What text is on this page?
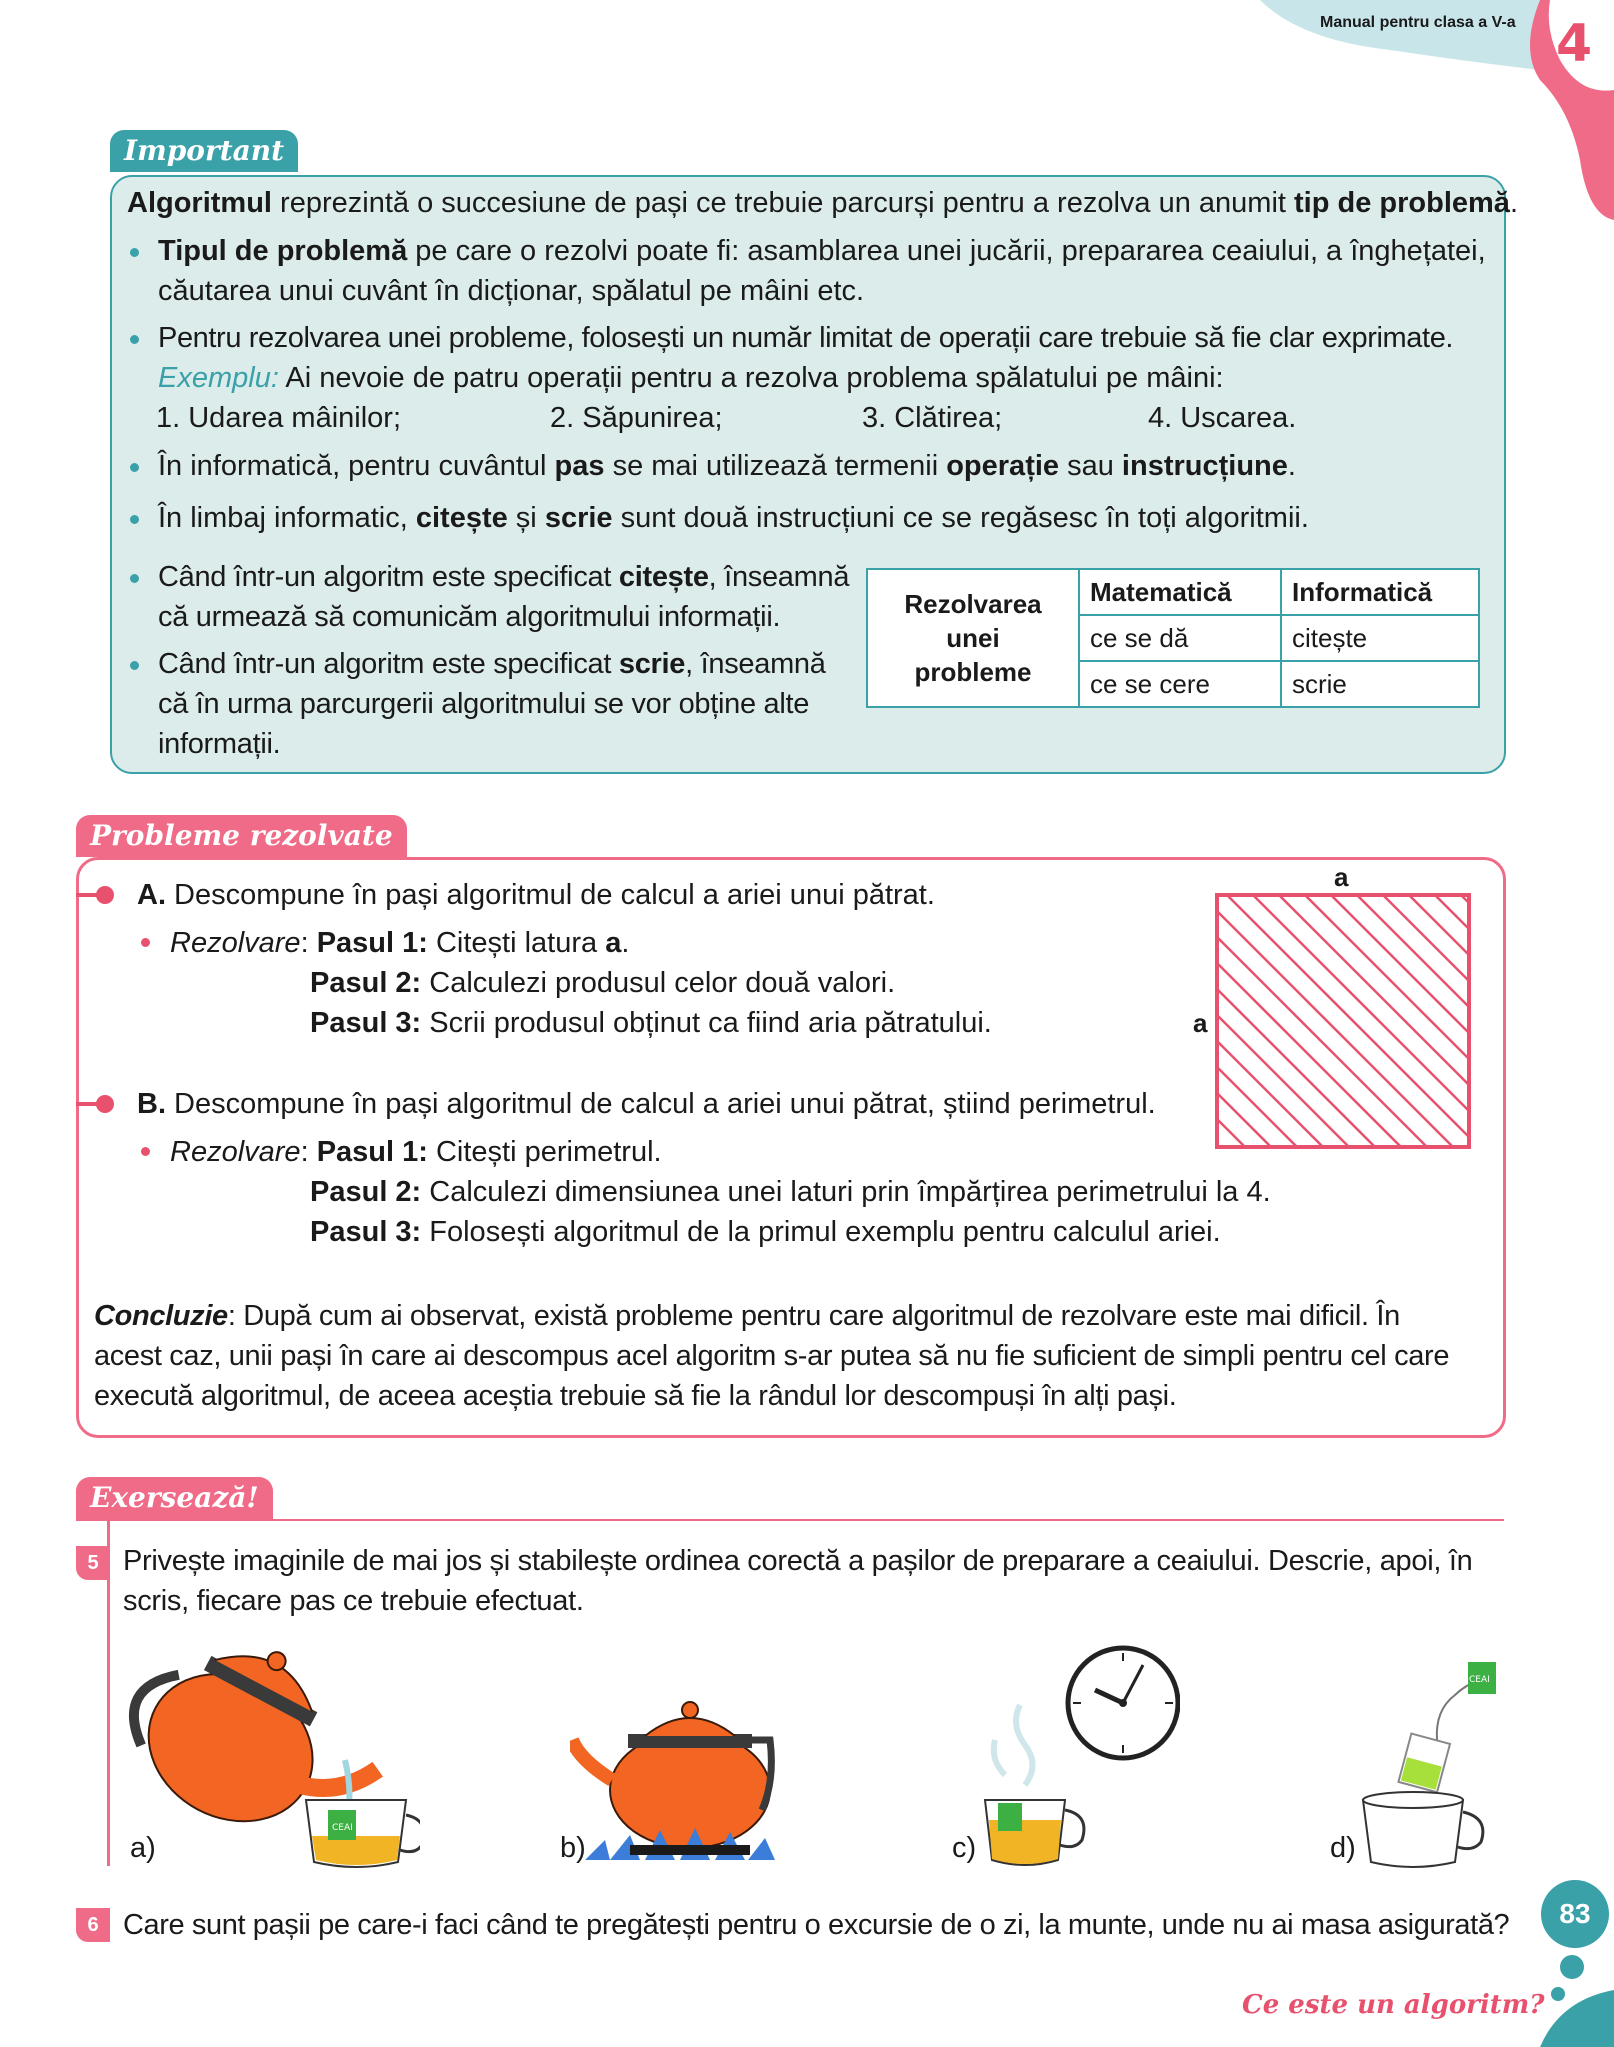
Manual pentru clasa a V-a 4
Important
Algoritmul reprezintă o succesiune de pași ce trebuie parcurși pentru a rezolva un anumit tip de problemă.
Tipul de problemă pe care o rezolvi poate fi: asamblarea unei jucării, prepararea ceaiului, a înghețatei,
căutarea unui cuvânt în dicționar, spălatul pe mâini etc.
Pentru rezolvarea unei probleme, folosești un număr limitat de operații care trebuie să fie clar exprimate.
Exemplu: Ai nevoie de patru operații pentru a rezolva problema spălatului pe mâini:
1. Udarea mâinilor;	2. Săpunirea;	3. Clătirea;	4. Uscarea.
În informatică, pentru cuvântul pas se mai utilizează termenii operație sau instrucțiune.
În limbaj informatic, citește și scrie sunt două instrucțiuni ce se regăsesc în toți algoritmii.
Când într-un algoritm este specificat citește, înseamnă
că urmează să comunicăm algoritmului informații.
Când într-un algoritm este specificat scrie, înseamnă
că în urma parcurgerii algoritmului se vor obține alte
informații.
Rezolvarea
unei
probleme	Matematică	Informatică
	ce se dă	citește
	ce se cere	scrie
Probleme rezolvate
A. Descompune în pași algoritmul de calcul a ariei unui pătrat.
Rezolvare: Pasul 1: Citești latura a.
Pasul 2: Calculezi produsul celor două valori.
Pasul 3: Scrii produsul obținut ca fiind aria pătratului.
a
a
B. Descompune în pași algoritmul de calcul a ariei unui pătrat, știind perimetrul.
Rezolvare: Pasul 1: Citești perimetrul.
Pasul 2: Calculezi dimensiunea unei laturi prin împărțirea perimetrului la 4.
Pasul 3: Folosești algoritmul de la primul exemplu pentru calculul ariei.
Concluzie: După cum ai observat, există probleme pentru care algoritmul de rezolvare este mai dificil. În
acest caz, unii pași în care ai descompus acel algoritm s-ar putea să nu fie suficient de simpli pentru cel care
execută algoritmul, de aceea aceștia trebuie să fie la rândul lor descompuși în alți pași.
Exersează!
5 Privește imaginile de mai jos și stabilește ordinea corectă a pașilor de preparare a ceaiului. Descrie, apoi, în
scris, fiecare pas ce trebuie efectuat.
CEAI
a)	b)	c)
CEAI
d)
6 Care sunt pașii pe care-i faci când te pregătești pentru o excursie de o zi, la munte, unde nu ai masa asigurată?	83
Ce este un algoritm?
